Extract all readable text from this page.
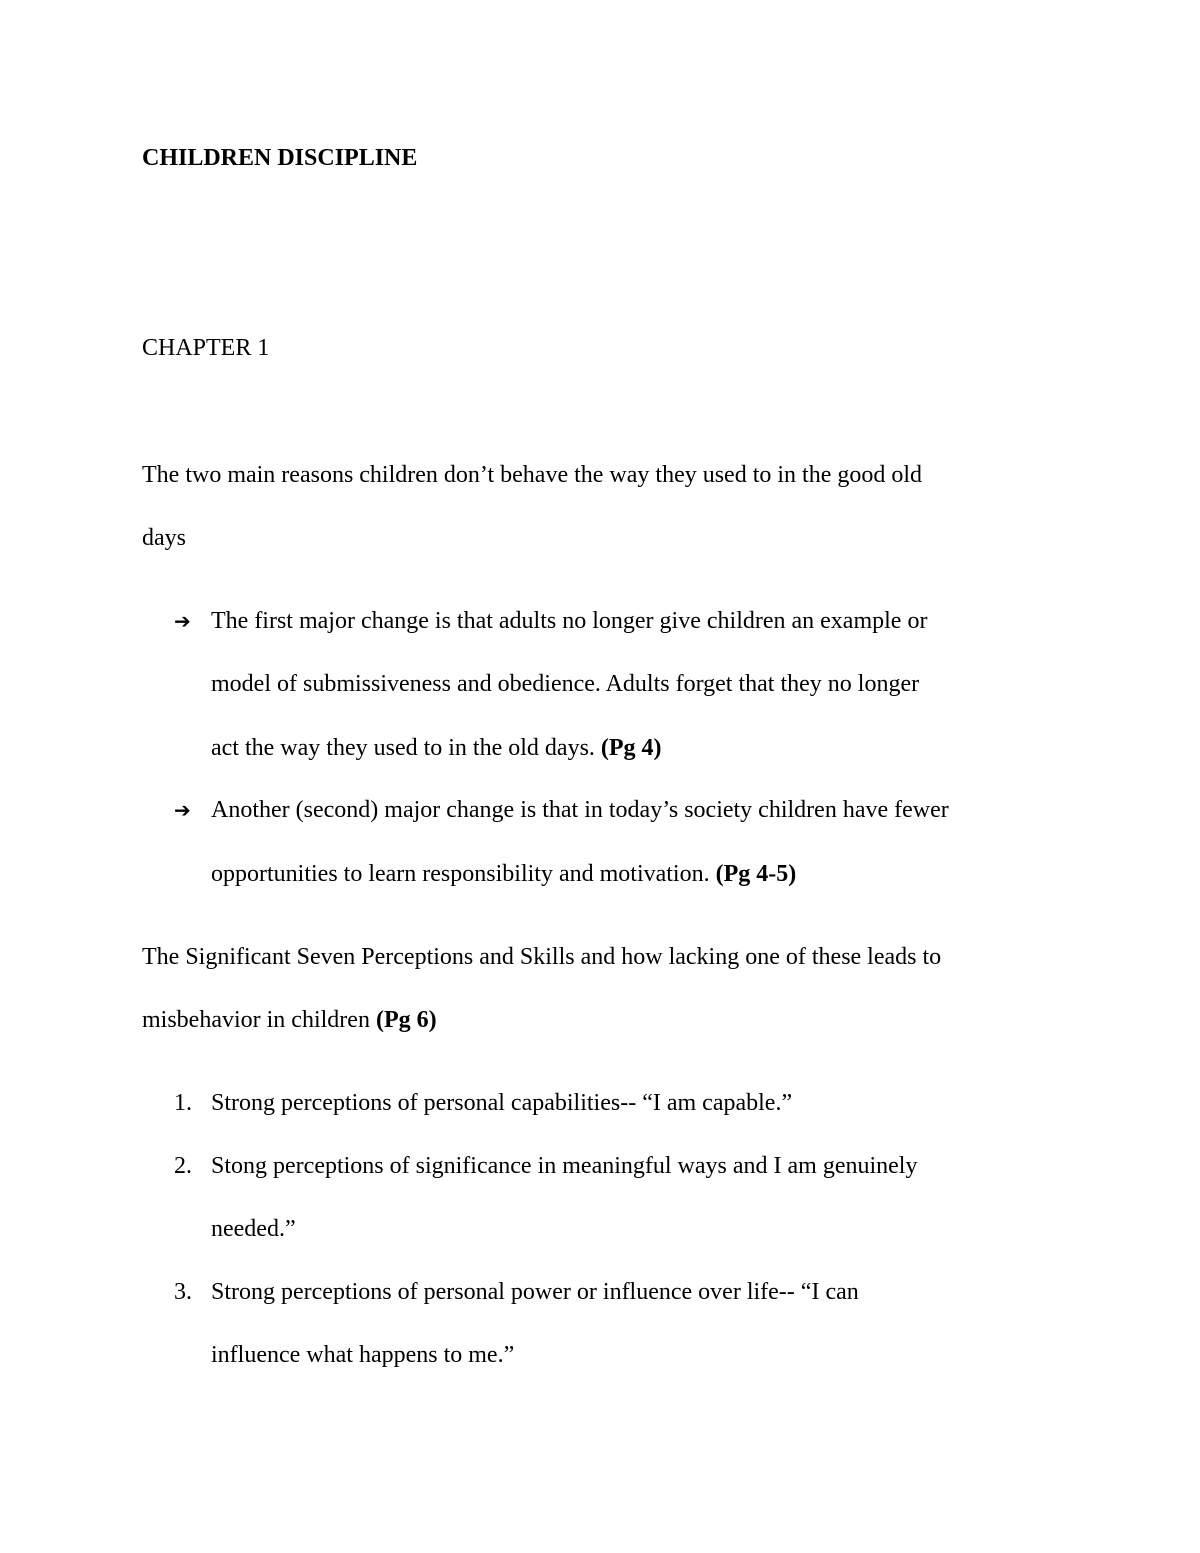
CHILDREN DISCIPLINE
CHAPTER 1
The two main reasons children don’t behave the way they used to in the good old
days
➔ The first major change is that adults no longer give children an example or
model of submissiveness and obedience. Adults forget that they no longer
act the way they used to in the old days. (Pg 4)
➔ Another (second) major change is that in today’s society children have fewer
opportunities to learn responsibility and motivation. (Pg 4-5)
The Significant Seven Perceptions and Skills and how lacking one of these leads to
misbehavior in children (Pg 6)
1. Strong perceptions of personal capabilities-- “I am capable.”
2. Stong perceptions of significance in meaningful ways and I am genuinely
needed.”
3. Strong perceptions of personal power or influence over life-- “I can
influence what happens to me.”
